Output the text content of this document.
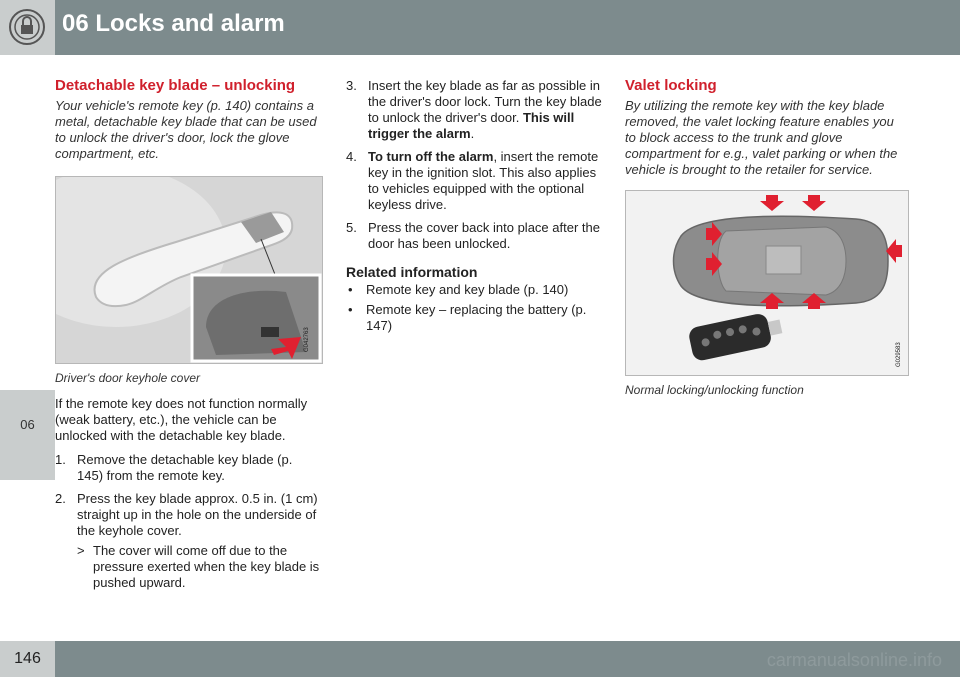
06 Locks and alarm
06
146	carmanualsonline.info
Detachable key blade – unlocking
Your vehicle's remote key (p. 140) contains a metal, detachable key blade that can be used to unlock the driver's door, lock the glove compartment, etc.
G042763
Driver's door keyhole cover

If the remote key does not function normally (weak battery, etc.), the vehicle can be unlocked with the detachable key blade.

1. Remove the detachable key blade (p. 145) from the remote key.
2. Press the key blade approx. 0.5 in. (1 cm) straight up in the hole on the underside of the keyhole cover.
> The cover will come off due to the pressure exerted when the key blade is pushed upward.
3. Insert the key blade as far as possible in the driver's door lock. Turn the key blade to unlock the driver's door. This will trigger the alarm.
4. To turn off the alarm, insert the remote key in the ignition slot. This also applies to vehicles equipped with the optional keyless drive.
5. Press the cover back into place after the door has been unlocked.
Related information
• Remote key and key blade (p. 140)
• Remote key – replacing the battery (p. 147)
Valet locking
By utilizing the remote key with the key blade removed, the valet locking feature enables you to block access to the trunk and glove compartment for e.g., valet parking or when the vehicle is brought to the retailer for service.
G029583
Normal locking/unlocking function
